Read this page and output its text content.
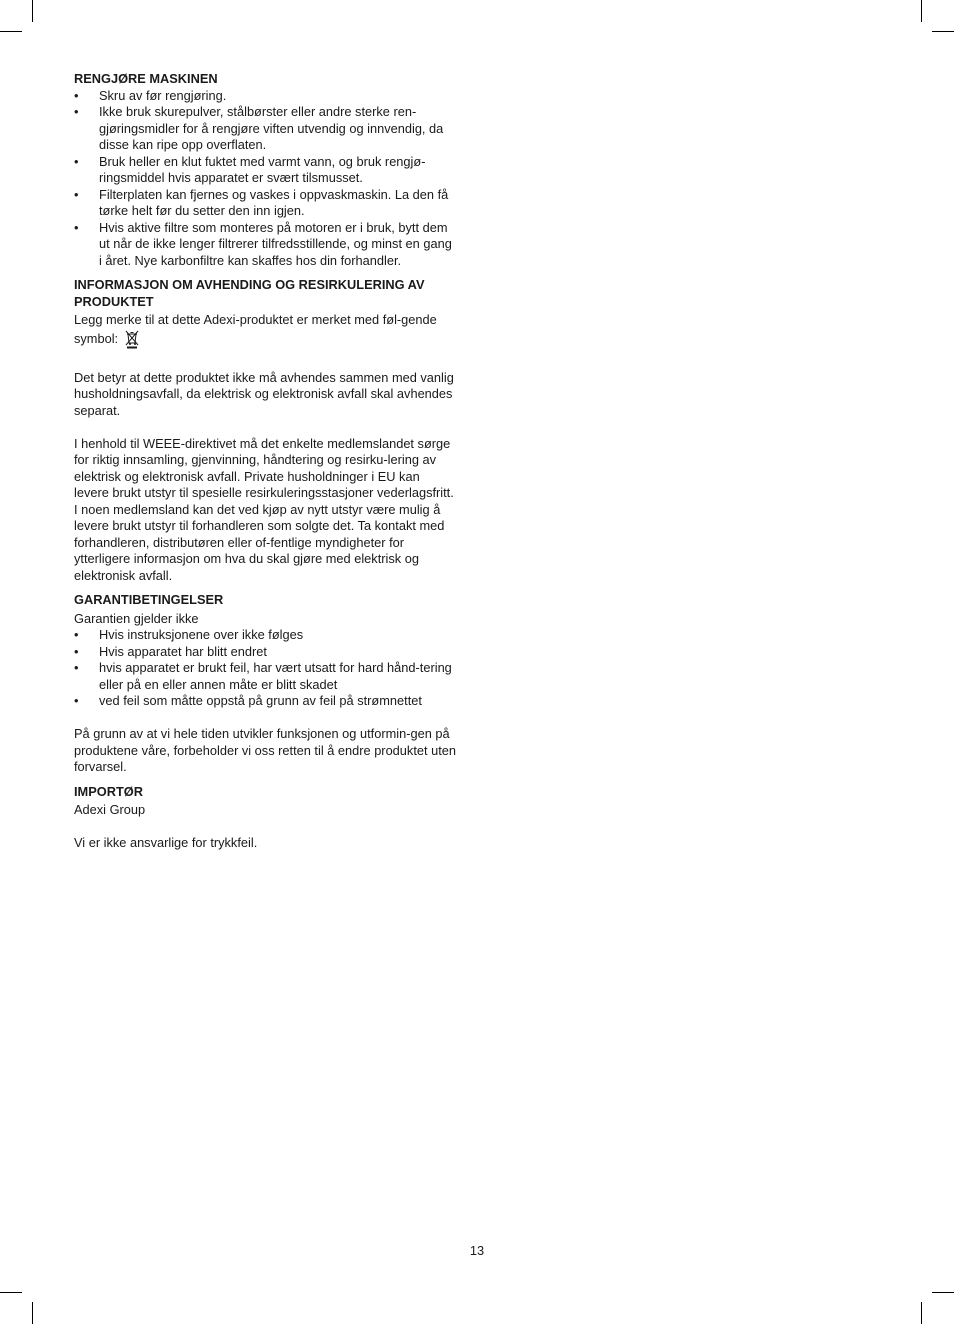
RENGJØRE MASKINEN

• Skru av før rengjøring.
• Ikke bruk skurepulver, stålbørster eller andre sterke ren-gjøringsmidler for å rengjøre viften utvendig og innvendig, da disse kan ripe opp overflaten.
• Bruk heller en klut fuktet med varmt vann, og bruk rengjø-ringsmiddel hvis apparatet er svært tilsmusset.
• Filterplaten kan fjernes og vaskes i oppvaskmaskin. La den få tørke helt før du setter den inn igjen.
• Hvis aktive filtre som monteres på motoren er i bruk, bytt dem ut når de ikke lenger filtrerer tilfredsstillende, og minst en gang i året. Nye karbonfiltre kan skaffes hos din forhandler.

INFORMASJON OM AVHENDING OG RESIRKULERING AV PRODUKTET

Legg merke til at dette Adexi-produktet er merket med føl-gende symbol:

Det betyr at dette produktet ikke må avhendes sammen med vanlig husholdningsavfall, da elektrisk og elektronisk avfall skal avhendes separat.

I henhold til WEEE-direktivet må det enkelte medlemslandet sørge for riktig innsamling, gjenvinning, håndtering og resirku-lering av elektrisk og elektronisk avfall. Private husholdninger i EU kan levere brukt utstyr til spesielle resirkuleringsstasjoner vederlagsfritt. I noen medlemsland kan det ved kjøp av nytt utstyr være mulig å levere brukt utstyr til forhandleren som solgte det. Ta kontakt med forhandleren, distributøren eller of-fentlige myndigheter for ytterligere informasjon om hva du skal gjøre med elektrisk og elektronisk avfall.

GARANTIBETINGELSER

Garantien gjelder ikke

• Hvis instruksjonene over ikke følges
• Hvis apparatet har blitt endret
• hvis apparatet er brukt feil, har vært utsatt for hard hånd-tering eller på en eller annen måte er blitt skadet
• ved feil som måtte oppstå på grunn av feil på strømnettet

På grunn av at vi hele tiden utvikler funksjonen og utformin-gen på produktene våre, forbeholder vi oss retten til å endre produktet uten forvarsel.

IMPORTØR

Adexi Group

Vi er ikke ansvarlige for trykkfeil.

13
